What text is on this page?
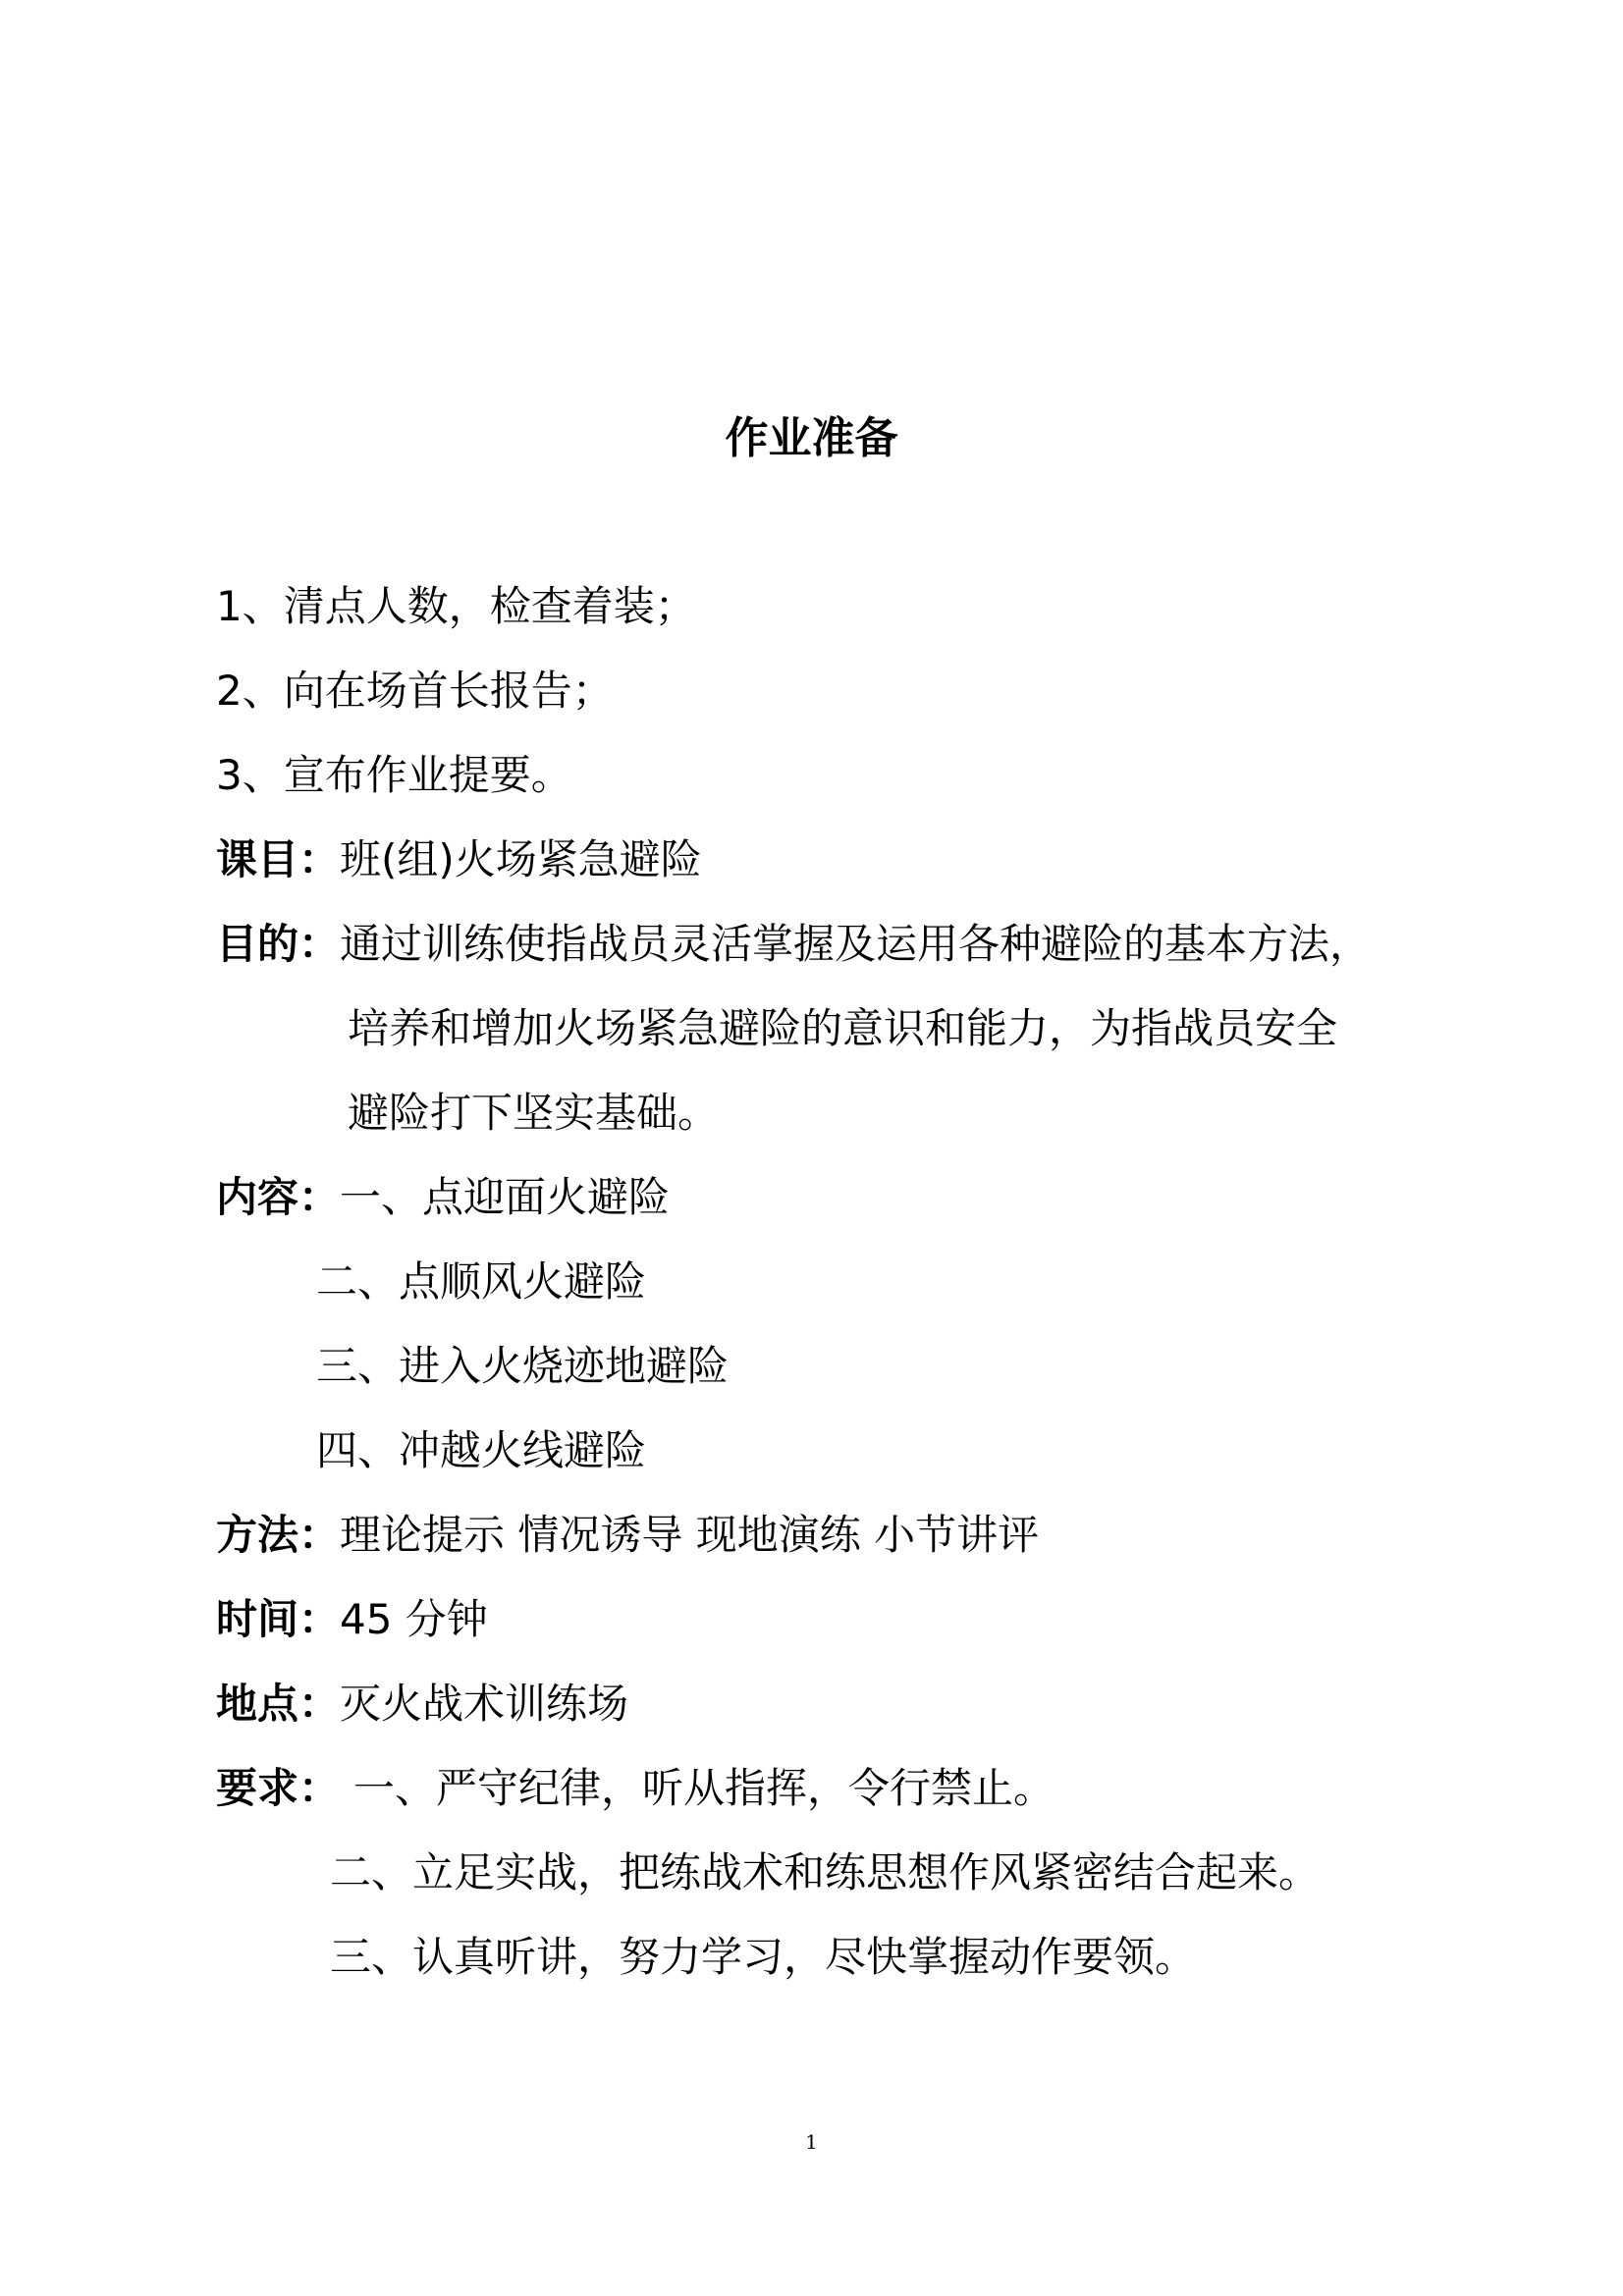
作业准备
1、清点人数，检查着装；
2、向在场首长报告；
3、宣布作业提要。
课目：班(组)火场紧急避险
目的：通过训练使指战员灵活掌握及运用各种避险的基本方法，
培养和增加火场紧急避险的意识和能力，为指战员安全
避险打下坚实基础。
内容：一、点迎面火避险
二、点顺风火避险
三、进入火烧迹地避险
四、冲越火线避险
方法：理论提示 情况诱导 现地演练 小节讲评
时间：45 分钟
地点：灭火战术训练场
要求： 一、严守纪律，听从指挥，令行禁止。
二、立足实战，把练战术和练思想作风紧密结合起来。
三、认真听讲，努力学习，尽快掌握动作要领。
1
